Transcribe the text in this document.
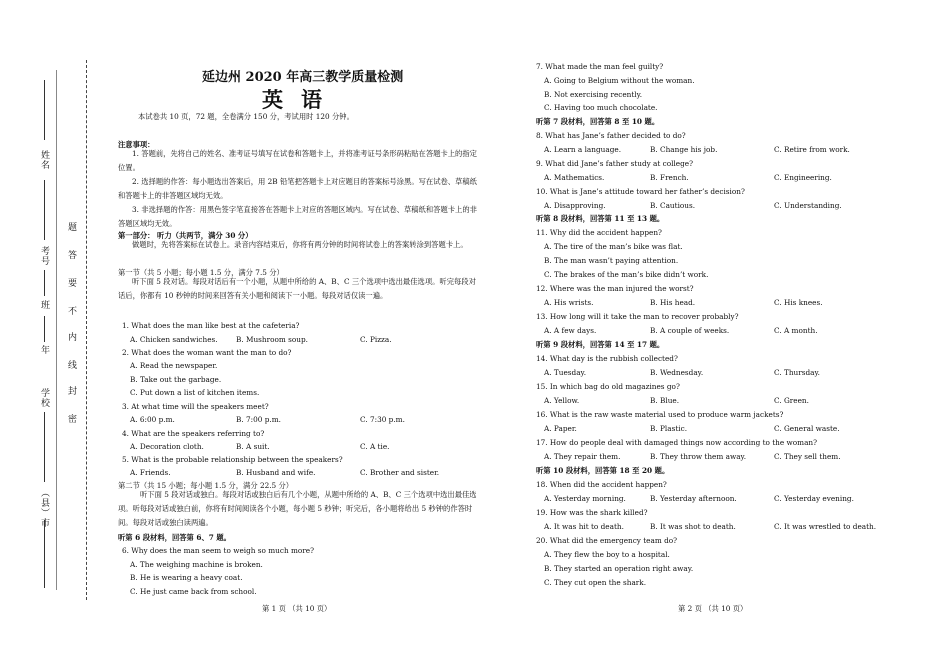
姓名
考号
班
年
学校
（县）市
题
答
要
不
内
线
封
密
延边州 2020 年高三教学质量检测
英语
本试卷共 10 页，72 题，全卷满分 150 分，考试用时 120 分钟。
注意事项：
1. 答题前，先将自己的姓名、准考证号填写在试卷和答题卡上，并将准考证号条形码粘贴在答题卡上的指定位置。
2. 选择题的作答：每小题选出答案后，用 2B 铅笔把答题卡上对应题目的答案标号涂黑。写在试卷、草稿纸和答题卡上的非答题区域均无效。
3. 非选择题的作答：用黑色签字笔直接答在答题卡上对应的答题区域内。写在试卷、草稿纸和答题卡上的非答题区域均无效。
第一部分： 听力（共两节，满分 30 分）
做题时，先将答案标在试卷上。录音内容结束后，你将有两分钟的时间将试卷上的答案转涂到答题卡上。
第一节（共 5 小题；每小题 1.5 分，满分 7.5 分）
听下面 5 段对话。每段对话后有一个小题，从题中所给的 A、B、C 三个选项中选出最佳选项。听完每段对话后，你都有 10 秒钟的时间来回答有关小题和阅读下一小题。每段对话仅读一遍。
1. What does the man like best at the cafeteria?
A. Chicken sandwiches.	B. Mushroom soup.	C. Pizza.
2. What does the woman want the man to do?
A. Read the newspaper.
B. Take out the garbage.
C. Put down a list of kitchen items.
3. At what time will the speakers meet?
A. 6:00 p.m.	B. 7:00 p.m.	C. 7:30 p.m.
4. What are the speakers referring to?
A. Decoration cloth.	B. A suit.	C. A tie.
5. What is the probable relationship between the speakers?
A. Friends.	B. Husband and wife.	C. Brother and sister.
第二节（共 15 小题；每小题 1.5 分，满分 22.5 分）
听下面 5 段对话或独白。每段对话或独白后有几个小题，从题中所给的 A、B、C 三个选项中选出最佳选项。听每段对话或独白前，你将有时间阅读各个小题，每小题 5 秒钟；听完后，各小题将给出 5 秒钟的作答时间。每段对话或独白读两遍。
听第 6 段材料，回答第 6、7 题。
6. Why does the man seem to weigh so much more?
A. The weighing machine is broken.
B. He is wearing a heavy coat.
C. He just came back from school.
第 1 页 （共 10 页）
7. What made the man feel guilty?
A. Going to Belgium without the woman.
B. Not exercising recently.
C. Having too much chocolate.
听第 7 段材料，回答第 8 至 10 题。
8. What has Jane’s father decided to do?
A. Learn a language.	B. Change his job.	C. Retire from work.
9. What did Jane’s father study at college?
A. Mathematics.	B. French.	C. Engineering.
10. What is Jane’s attitude toward her father’s decision?
A. Disapproving.	B. Cautious.	C. Understanding.
听第 8 段材料，回答第 11 至 13 题。
11. Why did the accident happen?
A. The tire of the man’s bike was flat.
B. The man wasn’t paying attention.
C. The brakes of the man’s bike didn’t work.
12. Where was the man injured the worst?
A. His wrists.	B. His head.	C. His knees.
13. How long will it take the man to recover probably?
A. A few days.	B. A couple of weeks.	C. A month.
听第 9 段材料，回答第 14 至 17 题。
14. What day is the rubbish collected?
A. Tuesday.	B. Wednesday.	C. Thursday.
15. In which bag do old magazines go?
A. Yellow.	B. Blue.	C. Green.
16. What is the raw waste material used to produce warm jackets?
A. Paper.	B. Plastic.	C. General waste.
17. How do people deal with damaged things now according to the woman?
A. They repair them.	B. They throw them away.	C. They sell them.
听第 10 段材料，回答第 18 至 20 题。
18. When did the accident happen?
A. Yesterday morning.	B. Yesterday afternoon.	C. Yesterday evening.
19. How was the shark killed?
A. It was hit to death.	B. It was shot to death.	C. It was wrestled to death.
20. What did the emergency team do?
A. They flew the boy to a hospital.
B. They started an operation right away.
C. They cut open the shark.
第 2 页 （共 10 页）
